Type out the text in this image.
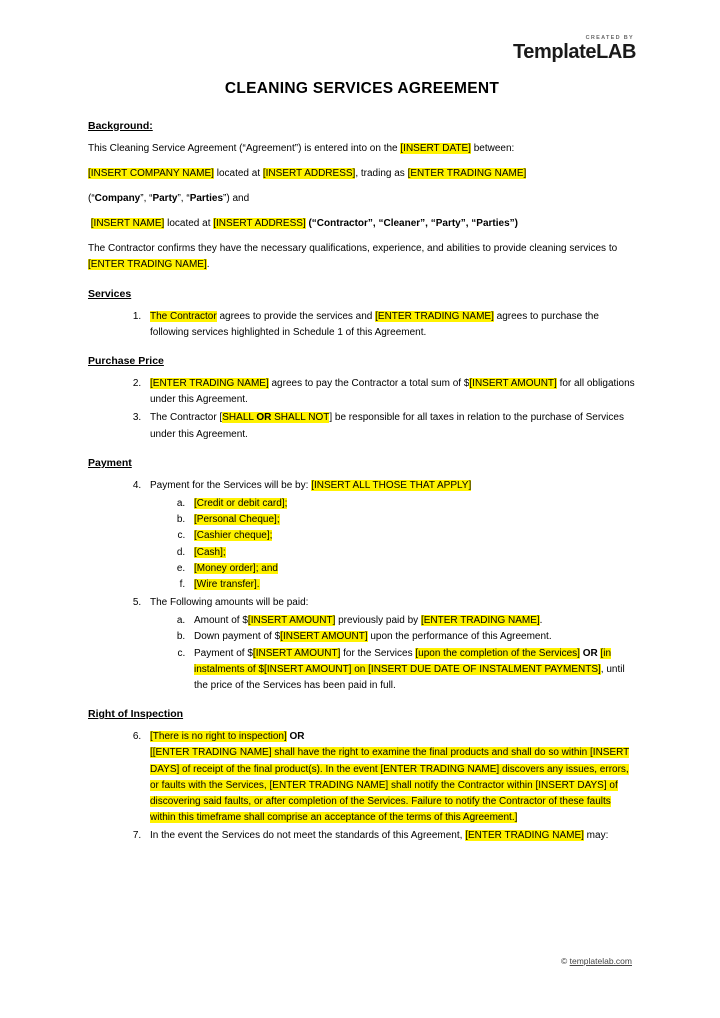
CREATED BY
TemplateLAB
CLEANING SERVICES AGREEMENT
Background:

This Cleaning Service Agreement (“Agreement”) is entered into on the [INSERT DATE] between:

[INSERT COMPANY NAME] located at [INSERT ADDRESS], trading as [ENTER TRADING NAME]

(“Company”, “Party”, “Parties”) and

[INSERT NAME] located at [INSERT ADDRESS] (“Contractor”, “Cleaner”, “Party”, “Parties”)

The Contractor confirms they have the necessary qualifications, experience, and abilities to provide cleaning services to [ENTER TRADING NAME].

Services
1. The Contractor agrees to provide the services and [ENTER TRADING NAME] agrees to purchase the following services highlighted in Schedule 1 of this Agreement.
Purchase Price
2. [ENTER TRADING NAME] agrees to pay the Contractor a total sum of $[INSERT AMOUNT] for all obligations under this Agreement.
3. The Contractor [SHALL OR SHALL NOT] be responsible for all taxes in relation to the purchase of Services under this Agreement.
Payment
4. Payment for the Services will be by: [INSERT ALL THOSE THAT APPLY]
a. [Credit or debit card];
b. [Personal Cheque];
c. [Cashier cheque];
d. [Cash];
e. [Money order]; and
f. [Wire transfer].
5. The Following amounts will be paid:
a. Amount of $[INSERT AMOUNT] previously paid by [ENTER TRADING NAME].
b. Down payment of $[INSERT AMOUNT] upon the performance of this Agreement.
c. Payment of $[INSERT AMOUNT] for the Services [upon the completion of the Services] OR [in instalments of $[INSERT AMOUNT] on [INSERT DUE DATE OF INSTALMENT PAYMENTS], until the price of the Services has been paid in full.
Right of Inspection
6. [There is no right to inspection] OR
[[ENTER TRADING NAME] shall have the right to examine the final products and shall do so within [INSERT DAYS] of receipt of the final product(s). In the event [ENTER TRADING NAME] discovers any issues, errors, or faults with the Services, [ENTER TRADING NAME] shall notify the Contractor within [INSERT DAYS] of discovering said faults, or after completion of the Services. Failure to notify the Contractor of these faults within this timeframe shall comprise an acceptance of the terms of this Agreement.]
7. In the event the Services do not meet the standards of this Agreement, [ENTER TRADING NAME] may:
© templatelab.com
